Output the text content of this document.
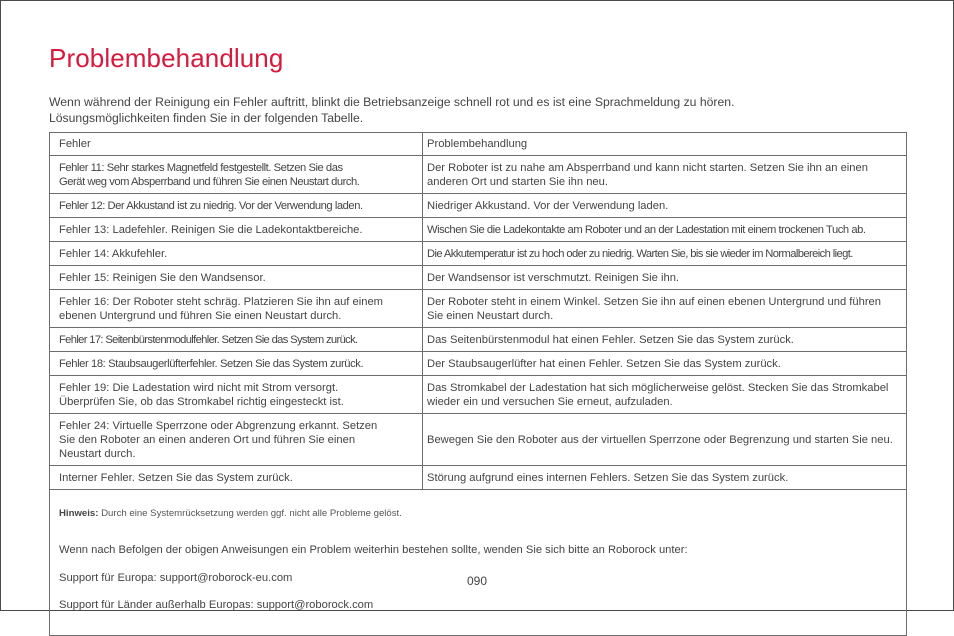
Problembehandlung
Wenn während der Reinigung ein Fehler auftritt, blinkt die Betriebsanzeige schnell rot und es ist eine Sprachmeldung zu hören.
Lösungsmöglichkeiten finden Sie in der folgenden Tabelle.
Fehler	Problembehandlung
Fehler 11: Sehr starkes Magnetfeld festgestellt. Setzen Sie das
Gerät weg vom Absperrband und führen Sie einen Neustart durch.	Der Roboter ist zu nahe am Absperrband und kann nicht starten. Setzen Sie ihn an einen
anderen Ort und starten Sie ihn neu.
Fehler 12: Der Akkustand ist zu niedrig. Vor der Verwendung laden.	Niedriger Akkustand. Vor der Verwendung laden.
Fehler 13: Ladefehler. Reinigen Sie die Ladekontaktbereiche.	Wischen Sie die Ladekontakte am Roboter und an der Ladestation mit einem trockenen Tuch ab.
Fehler 14: Akkufehler.	Die Akkutemperatur ist zu hoch oder zu niedrig. Warten Sie, bis sie wieder im Normalbereich liegt.
Fehler 15: Reinigen Sie den Wandsensor.	Der Wandsensor ist verschmutzt. Reinigen Sie ihn.
Fehler 16: Der Roboter steht schräg. Platzieren Sie ihn auf einem
ebenen Untergrund und führen Sie einen Neustart durch.	Der Roboter steht in einem Winkel. Setzen Sie ihn auf einen ebenen Untergrund und führen
Sie einen Neustart durch.
Fehler 17: Seitenbürstenmodulfehler. Setzen Sie das System zurück.	Das Seitenbürstenmodul hat einen Fehler. Setzen Sie das System zurück.
Fehler 18: Staubsaugerlüfterfehler. Setzen Sie das System zurück.	Der Staubsaugerlüfter hat einen Fehler. Setzen Sie das System zurück.
Fehler 19: Die Ladestation wird nicht mit Strom versorgt.
Überprüfen Sie, ob das Stromkabel richtig eingesteckt ist.	Das Stromkabel der Ladestation hat sich möglicherweise gelöst. Stecken Sie das Stromkabel
wieder ein und versuchen Sie erneut, aufzuladen.
Fehler 24: Virtuelle Sperrzone oder Abgrenzung erkannt. Setzen
Sie den Roboter an einen anderen Ort und führen Sie einen
Neustart durch.	Bewegen Sie den Roboter aus der virtuellen Sperrzone oder Begrenzung und starten Sie neu.
Interner Fehler. Setzen Sie das System zurück.	Störung aufgrund eines internen Fehlers. Setzen Sie das System zurück.

Hinweis: Durch eine Systemrücksetzung werden ggf. nicht alle Probleme gelöst.

Wenn nach Befolgen der obigen Anweisungen ein Problem weiterhin bestehen sollte, wenden Sie sich bitte an Roborock unter:

Support für Europa: support@roborock-eu.com

Support für Länder außerhalb Europas: support@roborock.com	

090
